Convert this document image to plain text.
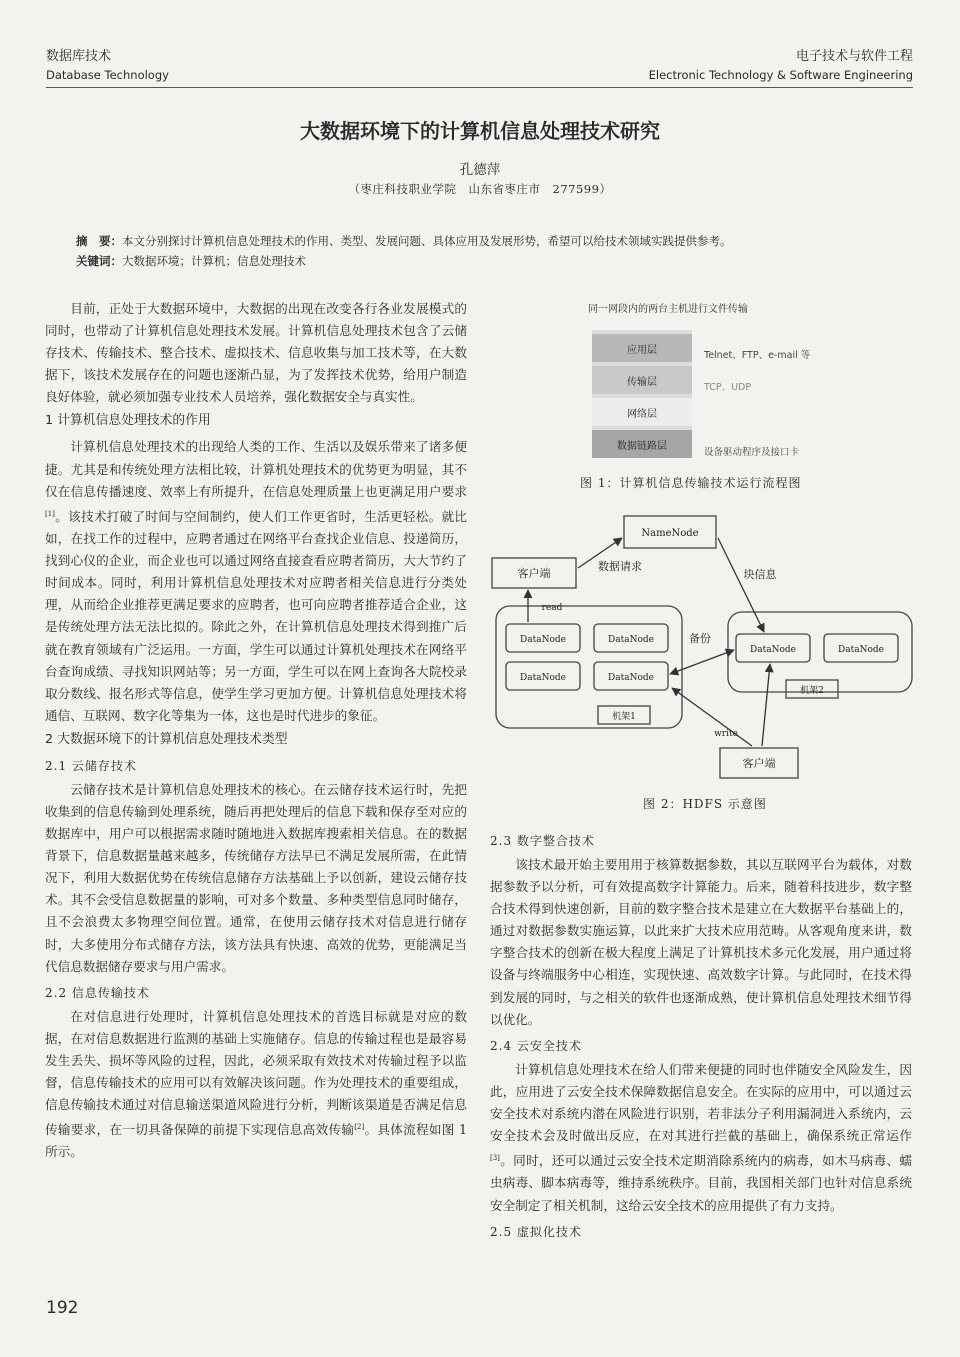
数据库技术
Database Technology
电子技术与软件工程
Electronic Technology & Software Engineering
大数据环境下的计算机信息处理技术研究
孔德萍
（枣庄科技职业学院　山东省枣庄市　277599）
摘　要：本文分别探讨计算机信息处理技术的作用、类型、发展问题、具体应用及发展形势，希望可以给技术领域实践提供参考。
关键词：大数据环境；计算机；信息处理技术

目前，正处于大数据环境中，大数据的出现在改变各行各业发展模式的同时，也带动了计算机信息处理技术发展。计算机信息处理技术包含了云储存技术、传输技术、整合技术、虚拟技术、信息收集与加工技术等，在大数据下，该技术发展存在的问题也逐渐凸显，为了发挥技术优势，给用户制造良好体验，就必须加强专业技术人员培养，强化数据安全与真实性。

1 计算机信息处理技术的作用

计算机信息处理技术的出现给人类的工作、生活以及娱乐带来了诸多便捷。尤其是和传统处理方法相比较，计算机处理技术的优势更为明显，其不仅在信息传播速度、效率上有所提升，在信息处理质量上也更满足用户要求[1]。该技术打破了时间与空间制约，使人们工作更省时，生活更轻松。就比如，在找工作的过程中，应聘者通过在网络平台查找企业信息、投递简历，找到心仪的企业，而企业也可以通过网络直接查看应聘者简历，大大节约了时间成本。同时，利用计算机信息处理技术对应聘者相关信息进行分类处理，从而给企业推荐更满足要求的应聘者，也可向应聘者推荐适合企业，这是传统处理方法无法比拟的。除此之外，在计算机信息处理技术得到推广后就在教育领域有广泛运用。一方面，学生可以通过计算机处理技术在网络平台查询成绩、寻找知识网站等；另一方面，学生可以在网上查询各大院校录取分数线、报名形式等信息，使学生学习更加方便。计算机信息处理技术将通信、互联网、数字化等集为一体，这也是时代进步的象征。

2 大数据环境下的计算机信息处理技术类型
2.1 云储存技术

云储存技术是计算机信息处理技术的核心。在云储存技术运行时，先把收集到的信息传输到处理系统，随后再把处理后的信息下载和保存至对应的数据库中，用户可以根据需求随时随地进入数据库搜索相关信息。在的数据背景下，信息数据量越来越多，传统储存方法早已不满足发展所需，在此情况下，利用大数据优势在传统信息储存方法基础上予以创新，建设云储存技术。其不会受信息数据量的影响，可对多个数量、多种类型信息同时储存，且不会浪费太多物理空间位置。通常，在使用云储存技术对信息进行储存时，大多使用分布式储存方法，该方法具有快速、高效的优势，更能满足当代信息数据储存要求与用户需求。

2.2 信息传输技术

在对信息进行处理时，计算机信息处理技术的首选目标就是对应的数据，在对信息数据进行监测的基础上实施储存。信息的传输过程也是最容易发生丢失、损坏等风险的过程，因此，必须采取有效技术对传输过程予以监督，信息传输技术的应用可以有效解决该问题。作为处理技术的重要组成，信息传输技术通过对信息输送渠道风险进行分析，判断该渠道是否满足信息传输要求，在一切具备保障的前提下实现信息高效传输[2]。具体流程如图 1 所示。

同一网段内的两台主机进行文件传输
应用层
传输层
网络层
数据链路层
Telnet、FTP、e-mail 等
TCP、UDP
设备驱动程序及接口卡
图 1：计算机信息传输技术运行流程图
NameNode
客户端
DataNode	DataNode
DataNode	DataNode
DataNode	DataNode
客户端
数据请求
块信息
read
备份
write
机架1
机架2
图 2：HDFS 示意图
2.3 数字整合技术

该技术最开始主要用用于核算数据参数，其以互联网平台为载体，对数据参数予以分析，可有效提高数字计算能力。后来，随着科技进步，数字整合技术得到快速创新，目前的数字整合技术是建立在大数据平台基础上的，通过对数据参数实施运算，以此来扩大技术应用范畴。从客观角度来讲，数字整合技术的创新在极大程度上满足了计算机技术多元化发展，用户通过将设备与终端服务中心相连，实现快速、高效数字计算。与此同时，在技术得到发展的同时，与之相关的软件也逐渐成熟，使计算机信息处理技术细节得以优化。

2.4 云安全技术

计算机信息处理技术在给人们带来便捷的同时也伴随安全风险发生，因此，应用进了云安全技术保障数据信息安全。在实际的应用中，可以通过云安全技术对系统内潜在风险进行识别，若非法分子利用漏洞进入系统内，云安全技术会及时做出反应，在对其进行拦截的基础上，确保系统正常运作[3]。同时，还可以通过云安全技术定期消除系统内的病毒，如木马病毒、蠕虫病毒、脚本病毒等，维持系统秩序。目前，我国相关部门也针对信息系统安全制定了相关机制，这给云安全技术的应用提供了有力支持。

2.5 虚拟化技术
192
